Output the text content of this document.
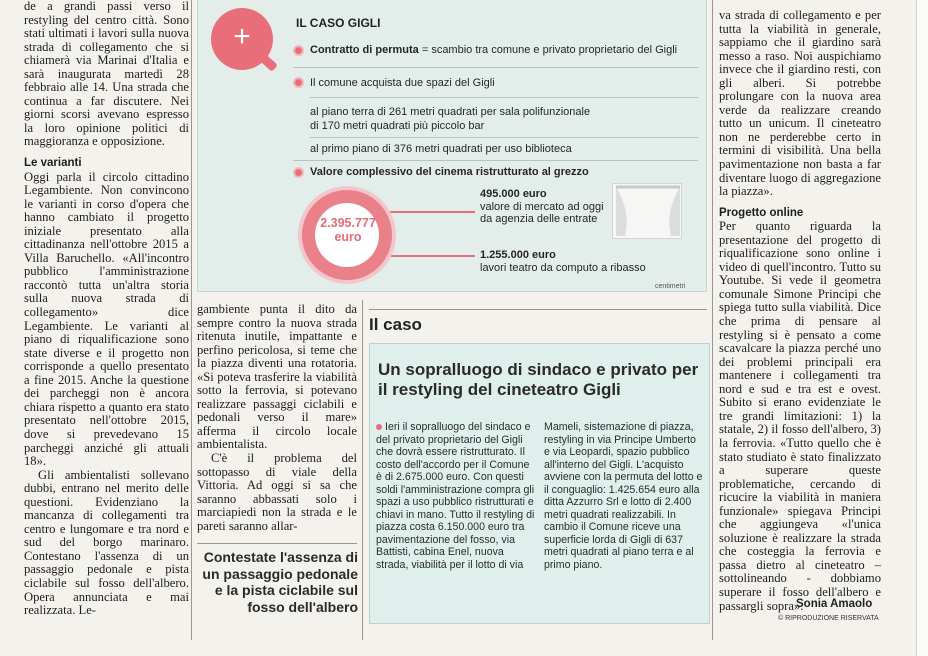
de a grandi passi verso il restyling del centro città. Sono stati ultimati i lavori sulla nuova strada di collegamento che si chiamerà via Marinai d'Italia e sarà inaugurata martedì 28 febbraio alle 14. Una strada che continua a far discutere. Nei giorni scorsi avevano espresso la loro opinione politici di maggioranza e opposizione.

Le varianti

Oggi parla il circolo cittadino Legambiente. Non convincono le varianti in corso d'opera che hanno cambiato il progetto iniziale presentato alla cittadinanza nell'ottobre 2015 a Villa Baruchello. «All'incontro pubblico l'amministrazione raccontò tutta un'altra storia sulla nuova strada di collegamento» dice Legambiente. Le varianti al piano di riqualificazione sono state diverse e il progetto non corrisponde a quello presentato a fine 2015. Anche la questione dei parcheggi non è ancora chiara rispetto a quanto era stato presentato nell'ottobre 2015, dove si prevedevano 15 parcheggi anziché gli attuali 18».

Gli ambientalisti sollevano dubbi, entrano nel merito delle questioni. Evidenziano la mancanza di collegamenti tra centro e lungomare e tra nord e sud del borgo marinaro. Contestano l'assenza di un passaggio pedonale e pista ciclabile sul fosso dell'albero. Opera annunciata e mai realizzata. Le-

+	IL CASO GIGLI
Contratto di permuta = scambio tra comune e privato proprietario del Gigli
Il comune acquista due spazi del Gigli
al piano terra di 261 metri quadrati per sala polifunzionale
di 170 metri quadrati più piccolo bar
al primo piano di 376 metri quadrati per uso biblioteca
Valore complessivo del cinema ristrutturato al grezzo
2.395.777
euro
495.000 euro
valore di mercato ad oggi
da agenzia delle entrate
1.255.000 euro
lavori teatro da computo a ribasso
centimetri

gambiente punta il dito da sempre contro la nuova strada ritenuta inutile, impattante e perfino pericolosa, si teme che la piazza diventi una rotatoria. «Si poteva trasferire la viabilità sotto la ferrovia, si potevano realizzare passaggi ciclabili e pedonali verso il mare» afferma il circolo locale ambientalista.

C'è il problema del sottopasso di viale della Vittoria. Ad oggi si sa che saranno abbassati solo i marciapiedi non la strada e le pareti saranno allar-

Contestate l'assenza di un passaggio pedonale e la pista ciclabile sul fosso dell'albero
Il caso
Un sopralluogo di sindaco e privato per il restyling del cineteatro Gigli
Ieri il sopralluogo del sindaco e del privato proprietario del Gigli che dovrà essere ristrutturato. Il costo dell'accordo per il Comune è di 2.675.000 euro. Con questi soldi l'amministrazione compra gli spazi a uso pubblico ristrutturati e chiavi in mano. Tutto il restyling di piazza costa 6.150.000 euro tra pavimentazione del fosso, via Battisti, cabina Enel, nuova strada, viabilità per il lotto di via
Mameli, sistemazione di piazza, restyling in via Principe Umberto e via Leopardi, spazio pubblico all'interno del Gigli. L'acquisto avviene con la permuta del lotto e il conguaglio: 1.425.654 euro alla ditta Azzurro Srl e lotto di 2.400 metri quadrati realizzabili. In cambio il Comune riceve una superficie lorda di Gigli di 637 metri quadrati al piano terra e al primo piano.

va strada di collegamento e per tutta la viabilità in generale, sappiamo che il giardino sarà messo a raso. Noi auspichiamo invece che il giardino resti, con gli alberi. Si potrebbe prolungare con la nuova area verde da realizzare creando tutto un unicum. Il cineteatro non ne perderebbe certo in termini di visibilità. Una bella pavimentazione non basta a far diventare luogo di aggregazione la piazza».

Progetto online

Per quanto riguarda la presentazione del progetto di riqualificazione sono online i video di quell'incontro. Tutto su Youtube. Si vede il geometra comunale Simone Principi che spiega tutto sulla viabilità. Dice che prima di pensare al restyling si è pensato a come scavalcare la piazza perché uno dei problemi principali era mantenere i collegamenti tra nord e sud e tra est e ovest. Subito si erano evidenziate le tre grandi limitazioni: 1) la statale, 2) il fosso dell'albero, 3) la ferrovia. «Tutto quello che è stato studiato è stato finalizzato a superare queste problematiche, cercando di ricucire la viabilità in maniera funzionale» spiegava Principi che aggiungeva «l'unica soluzione è realizzare la strada che costeggia la ferrovia e passa dietro al cineteatro – sottolineando - dobbiamo superare il fosso dell'albero e passargli sopra».

Sonia Amaolo
© RIPRODUZIONE RISERVATA
